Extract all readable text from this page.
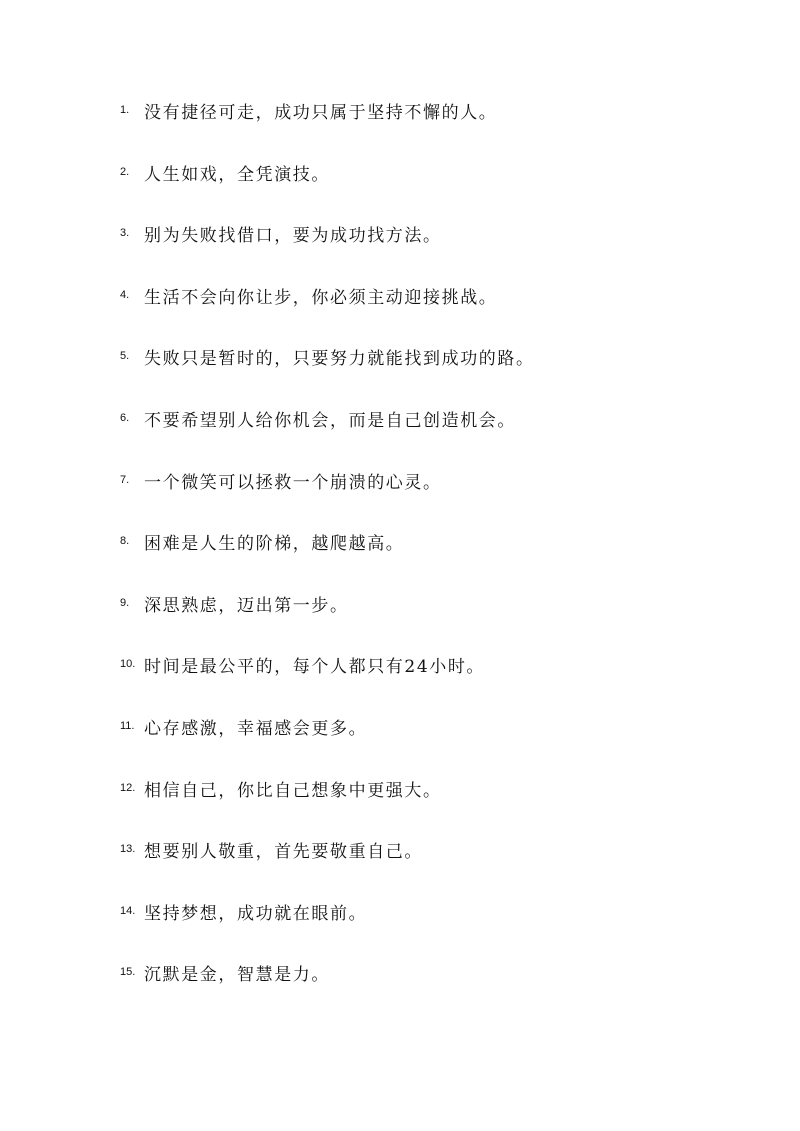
1. 没有捷径可走，成功只属于坚持不懈的人。
2. 人生如戏，全凭演技。
3. 别为失败找借口，要为成功找方法。
4. 生活不会向你让步，你必须主动迎接挑战。
5. 失败只是暂时的，只要努力就能找到成功的路。
6. 不要希望别人给你机会，而是自己创造机会。
7. 一个微笑可以拯救一个崩溃的心灵。
8. 困难是人生的阶梯，越爬越高。
9. 深思熟虑，迈出第一步。
10. 时间是最公平的，每个人都只有24小时。
11. 心存感激，幸福感会更多。
12. 相信自己，你比自己想象中更强大。
13. 想要别人敬重，首先要敬重自己。
14. 坚持梦想，成功就在眼前。
15. 沉默是金，智慧是力。
